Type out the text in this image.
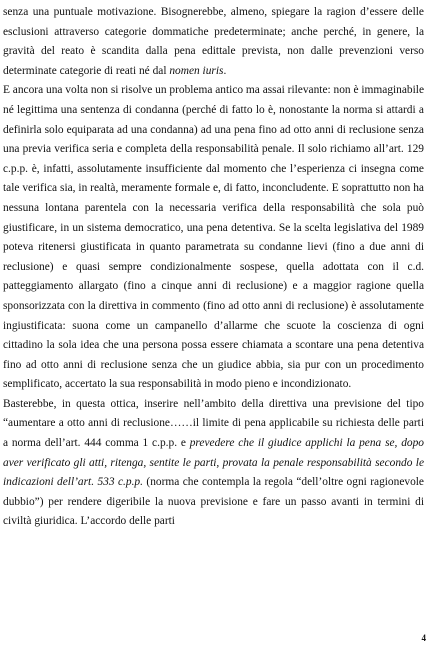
senza una puntuale motivazione. Bisognerebbe, almeno, spiegare la ragion d’essere delle esclusioni attraverso categorie dommatiche predeterminate; anche perché, in genere, la gravità del reato è scandita dalla pena edittale prevista, non dalle prevenzioni verso determinate categorie di reati né dal nomen iuris.

E ancora una volta non si risolve un problema antico ma assai rilevante: non è immaginabile né legittima una sentenza di condanna (perché di fatto lo è, nonostante la norma si attardi a definirla solo equiparata ad una condanna) ad una pena fino ad otto anni di reclusione senza una previa verifica seria e completa della responsabilità penale. Il solo richiamo all’art. 129 c.p.p. è, infatti, assolutamente insufficiente dal momento che l’esperienza ci insegna come tale verifica sia, in realtà, meramente formale e, di fatto, inconcludente. E soprattutto non ha nessuna lontana parentela con la necessaria verifica della responsabilità che sola può giustificare, in un sistema democratico, una pena detentiva. Se la scelta legislativa del 1989 poteva ritenersi giustificata in quanto parametrata su condanne lievi (fino a due anni di reclusione) e quasi sempre condizionalmente sospese, quella adottata con il c.d. patteggiamento allargato (fino a cinque anni di reclusione) e a maggior ragione quella sponsorizzata con la direttiva in commento (fino ad otto anni di reclusione) è assolutamente ingiustificata: suona come un campanello d’allarme che scuote la coscienza di ogni cittadino la sola idea che una persona possa essere chiamata a scontare una pena detentiva fino ad otto anni di reclusione senza che un giudice abbia, sia pur con un procedimento semplificato, accertato la sua responsabilità in modo pieno e incondizionato.

Basterebbe, in questa ottica, inserire nell’ambito della direttiva una previsione del tipo “aumentare a otto anni di reclusione……il limite di pena applicabile su richiesta delle parti a norma dell’art. 444 comma 1 c.p.p. e prevedere che il giudice applichi la pena se, dopo aver verificato gli atti, ritenga, sentite le parti, provata la penale responsabilità secondo le indicazioni dell’art. 533 c.p.p. (norma che contempla la regola “dell’oltre ogni ragionevole dubbio”) per rendere digeribile la nuova previsione e fare un passo avanti in termini di civiltà giuridica. L’accordo delle parti

4
